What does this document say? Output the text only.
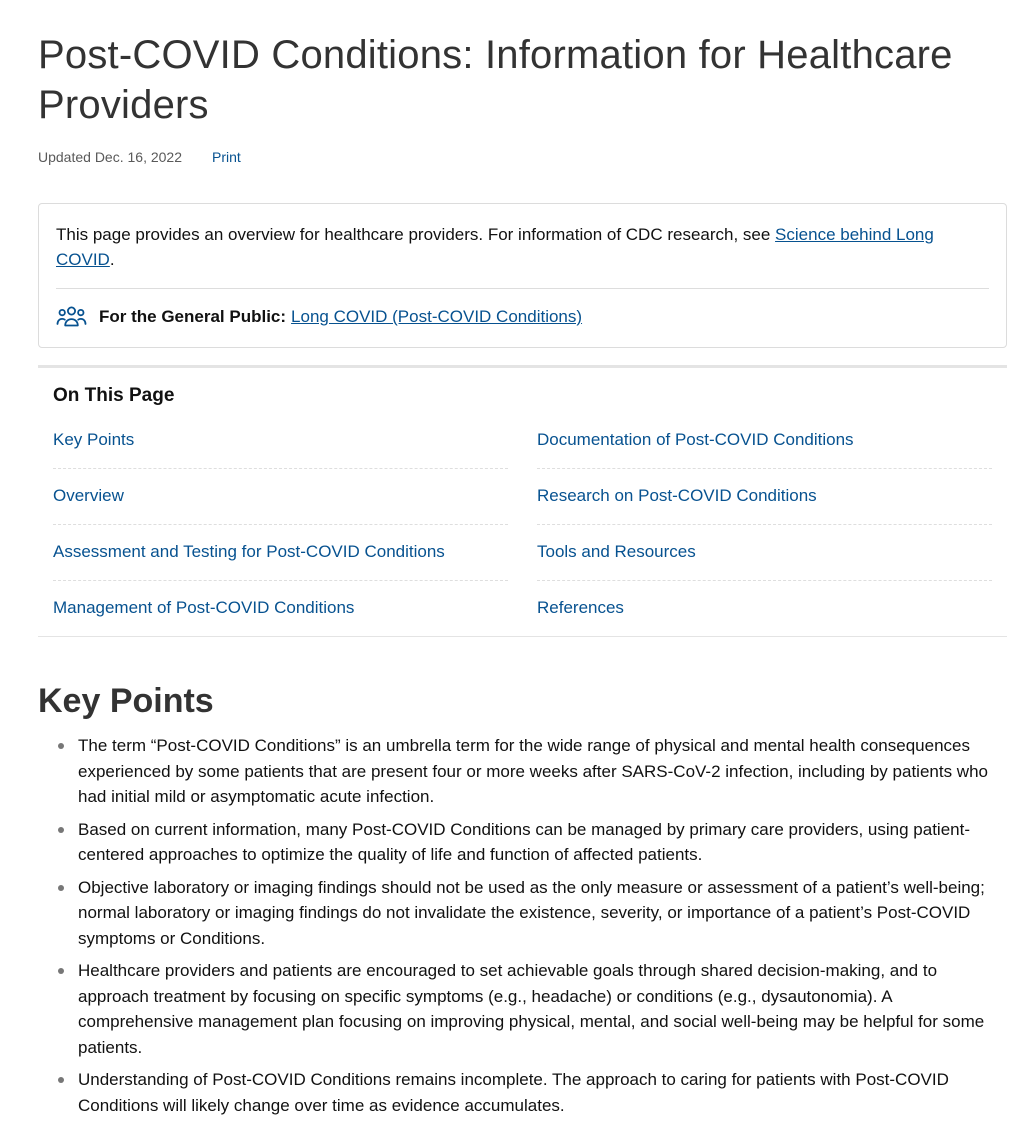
Post-COVID Conditions: Information for Healthcare Providers
Updated Dec. 16, 2022 Print

This page provides an overview for healthcare providers. For information of CDC research, see Science behind Long COVID.

For the General Public: Long COVID (Post-COVID Conditions)
On This Page
Key Points
Overview
Assessment and Testing for Post-COVID Conditions
Management of Post-COVID Conditions
Documentation of Post-COVID Conditions
Research on Post-COVID Conditions
Tools and Resources
References
Key Points
The term “Post-COVID Conditions” is an umbrella term for the wide range of physical and mental health consequences experienced by some patients that are present four or more weeks after SARS-CoV-2 infection, including by patients who had initial mild or asymptomatic acute infection.
Based on current information, many Post-COVID Conditions can be managed by primary care providers, using patient-centered approaches to optimize the quality of life and function of affected patients.
Objective laboratory or imaging findings should not be used as the only measure or assessment of a patient’s well-being; normal laboratory or imaging findings do not invalidate the existence, severity, or importance of a patient’s Post-COVID symptoms or Conditions.
Healthcare providers and patients are encouraged to set achievable goals through shared decision-making, and to approach treatment by focusing on specific symptoms (e.g., headache) or conditions (e.g., dysautonomia). A comprehensive management plan focusing on improving physical, mental, and social well-being may be helpful for some patients.
Understanding of Post-COVID Conditions remains incomplete. The approach to caring for patients with Post-COVID Conditions will likely change over time as evidence accumulates.
